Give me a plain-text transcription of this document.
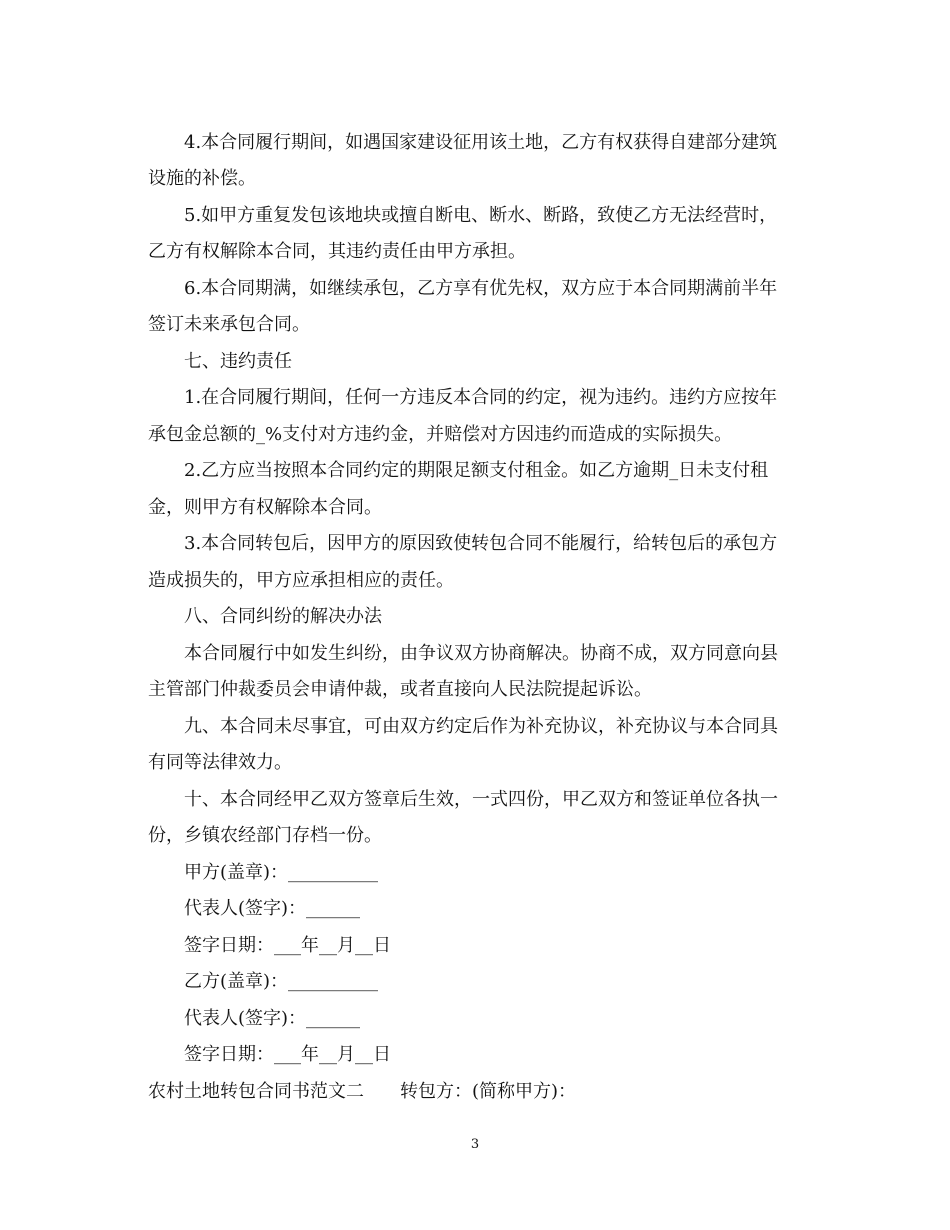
4.本合同履行期间，如遇国家建设征用该土地，乙方有权获得自建部分建筑
设施的补偿。
5.如甲方重复发包该地块或擅自断电、断水、断路，致使乙方无法经营时，
乙方有权解除本合同，其违约责任由甲方承担。
6.本合同期满，如继续承包，乙方享有优先权，双方应于本合同期满前半年
签订未来承包合同。
七、违约责任
1.在合同履行期间，任何一方违反本合同的约定，视为违约。违约方应按年
承包金总额的_%支付对方违约金，并赔偿对方因违约而造成的实际损失。
2.乙方应当按照本合同约定的期限足额支付租金。如乙方逾期_日未支付租
金，则甲方有权解除本合同。
3.本合同转包后，因甲方的原因致使转包合同不能履行，给转包后的承包方
造成损失的，甲方应承担相应的责任。
八、合同纠纷的解决办法
本合同履行中如发生纠纷，由争议双方协商解决。协商不成，双方同意向县
主管部门仲裁委员会申请仲裁，或者直接向人民法院提起诉讼。
九、本合同未尽事宜，可由双方约定后作为补充协议，补充协议与本合同具
有同等法律效力。
十、本合同经甲乙双方签章后生效，一式四份，甲乙双方和签证单位各执一
份，乡镇农经部门存档一份。
甲方(盖章)：__________
代表人(签字)：______
签字日期：___年__月__日
乙方(盖章)：__________
代表人(签字)：______
签字日期：___年__月__日
农村土地转包合同书范文二　　转包方：(简称甲方)：
3
